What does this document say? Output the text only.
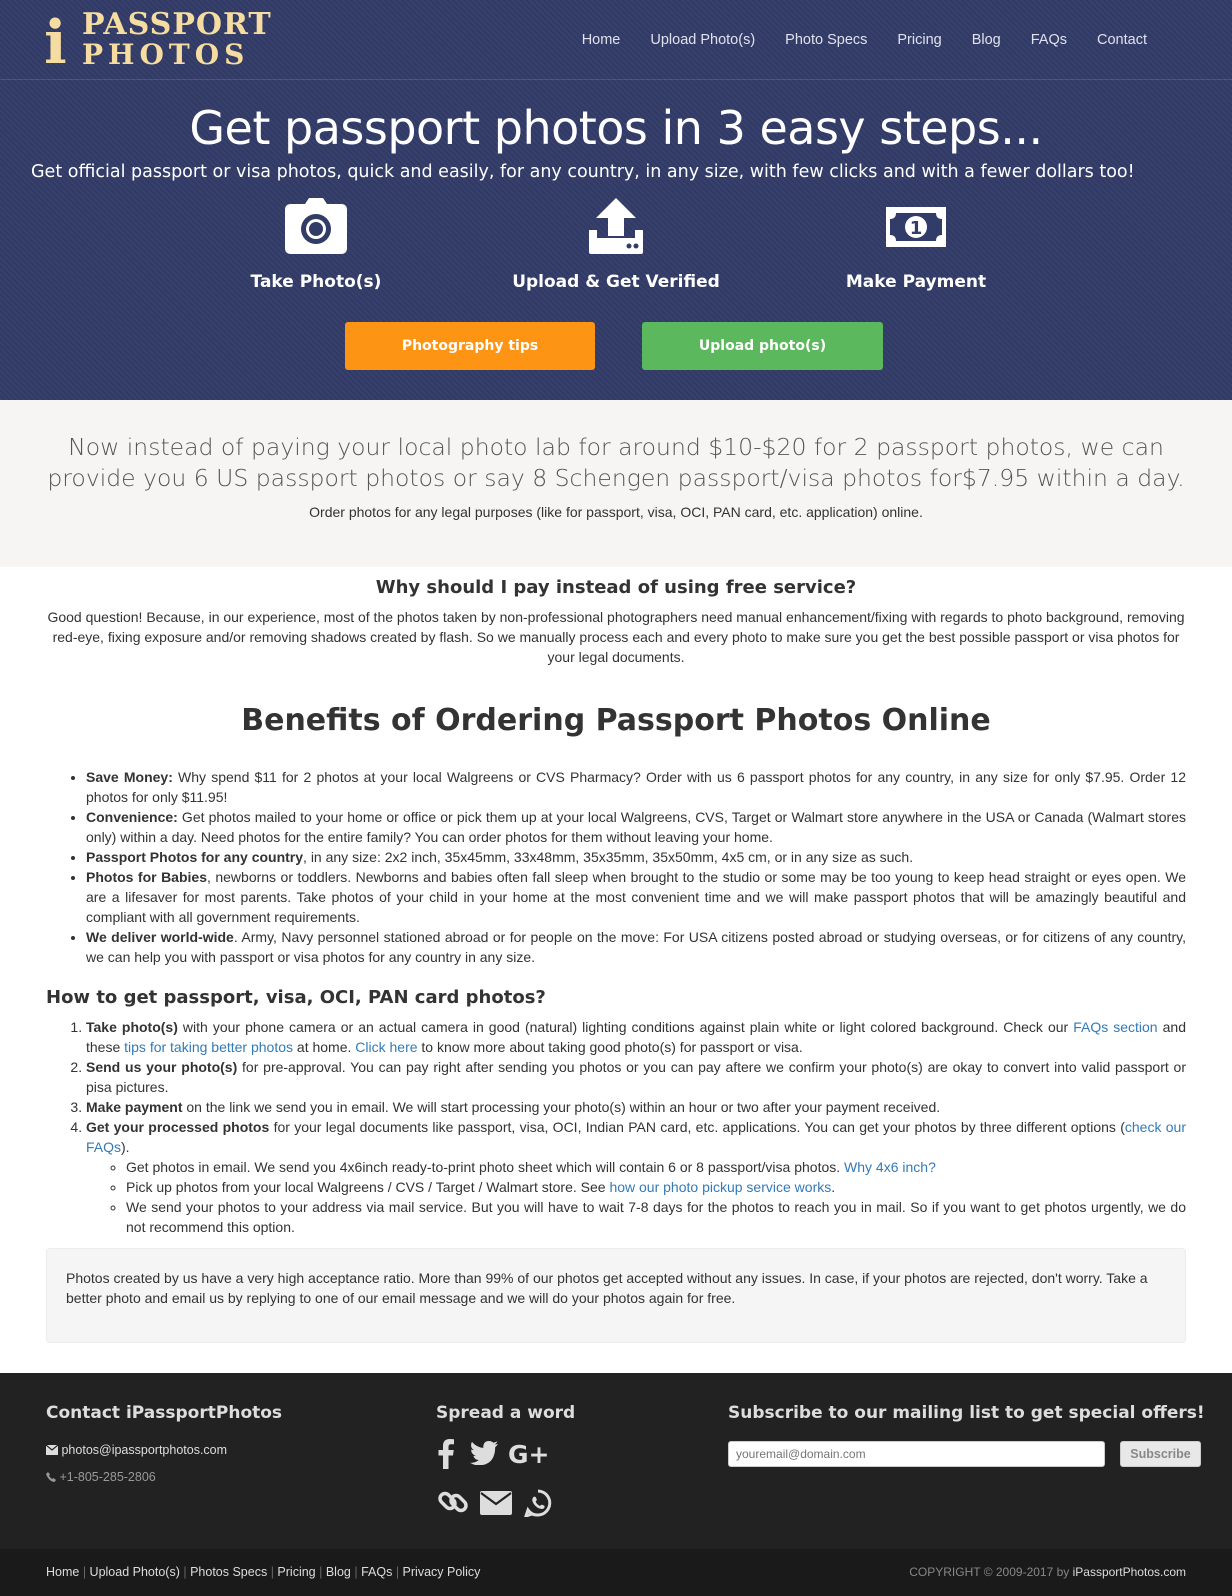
i PASSPORT
PHOTOS	Home	Upload Photo(s)	Photo Specs	Pricing	Blog	FAQs	Contact
Get passport photos in 3 easy steps...

Get official passport or visa photos, quick and easily, for any country, in any size, with few clicks and with a fewer dollars too!

Take Photo(s)	Upload & Get Verified
1
Make Payment
Photography tips	Upload photo(s)

Now instead of paying your local photo lab for around $10-$20 for 2 passport photos, we can provide you 6 US passport photos or say 8 Schengen passport/visa photos for$7.95 within a day.

Order photos for any legal purposes (like for passport, visa, OCI, PAN card, etc. application) online.

Why should I pay instead of using free service?

Good question! Because, in our experience, most of the photos taken by non-professional photographers need manual enhancement/fixing with regards to photo background, removing red-eye, fixing exposure and/or removing shadows created by flash. So we manually process each and every photo to make sure you get the best possible passport or visa photos for your legal documents.

Benefits of Ordering Passport Photos Online
• Save Money: Why spend $11 for 2 photos at your local Walgreens or CVS Pharmacy? Order with us 6 passport photos for any country, in any size for only $7.95. Order 12 photos for only $11.95!
• Convenience: Get photos mailed to your home or office or pick them up at your local Walgreens, CVS, Target or Walmart store anywhere in the USA or Canada (Walmart stores only) within a day. Need photos for the entire family? You can order photos for them without leaving your home.
• Passport Photos for any country, in any size: 2x2 inch, 35x45mm, 33x48mm, 35x35mm, 35x50mm, 4x5 cm, or in any size as such.
• Photos for Babies, newborns or toddlers. Newborns and babies often fall sleep when brought to the studio or some may be too young to keep head straight or eyes open. We are a lifesaver for most parents. Take photos of your child in your home at the most convenient time and we will make passport photos that will be amazingly beautiful and compliant with all government requirements.
• We deliver world-wide. Army, Navy personnel stationed abroad or for people on the move: For USA citizens posted abroad or studying overseas, or for citizens of any country, we can help you with passport or visa photos for any country in any size.
How to get passport, visa, OCI, PAN card photos?
1. Take photo(s) with your phone camera or an actual camera in good (natural) lighting conditions against plain white or light colored background. Check our FAQs section and these tips for taking better photos at home. Click here to know more about taking good photo(s) for passport or visa.
2. Send us your photo(s) for pre-approval. You can pay right after sending you photos or you can pay aftere we confirm your photo(s) are okay to convert into valid passport or pisa pictures.
3. Make payment on the link we send you in email. We will start processing your photo(s) within an hour or two after your payment received.
4. Get your processed photos for your legal documents like passport, visa, OCI, Indian PAN card, etc. applications. You can get your photos by three different options (check our FAQs).
◦ Get photos in email. We send you 4x6inch ready-to-print photo sheet which will contain 6 or 8 passport/visa photos. Why 4x6 inch?
◦ Pick up photos from your local Walgreens / CVS / Target / Walmart store. See how our photo pickup service works.
◦ We send your photos to your address via mail service. But you will have to wait 7-8 days for the photos to reach you in mail. So if you want to get photos urgently, we do not recommend this option.
Photos created by us have a very high acceptance ratio. More than 99% of our photos get accepted without any issues. In case, if your photos are rejected, don't worry. Take a better photo and email us by replying to one of our email message and we will do your photos again for free.
Contact iPassportPhotos
photos@ipassportphotos.com
+1-805-285-2806
Spread a word
G+
Subscribe to our mailing list to get special offers!
youremail@domain.com
Subscribe
Home | Upload Photo(s) | Photos Specs | Pricing | Blog | FAQs | Privacy Policy	COPYRIGHT © 2009-2017 by iPassportPhotos.com
